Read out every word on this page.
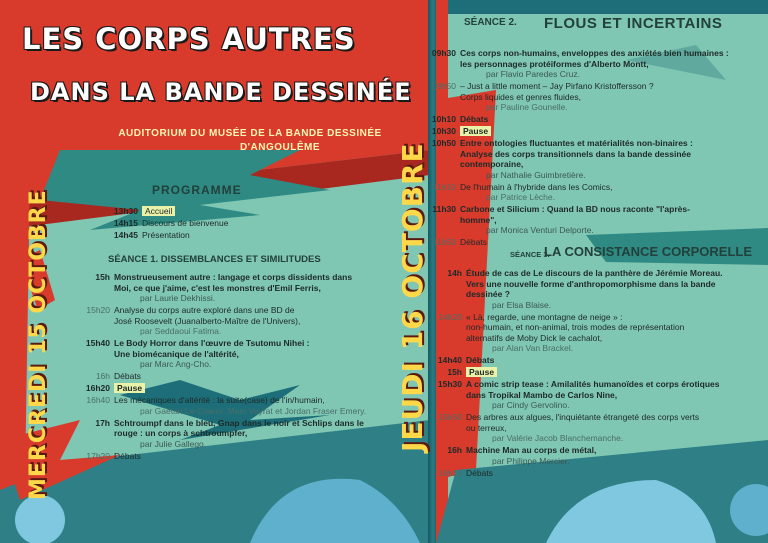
LES CORPS AUTRES
DANS LA BANDE DESSINÉE
AUDITORIUM DU MUSÉE DE LA BANDE DESSINÉE
D'ANGOULÊME
MERCREDI 15 OCTOBRE	PROGRAMME
13h30 Accueil
14h15 Discours de bienvenue
14h45 Présentation
SÉANCE 1. DISSEMBLANCES ET SIMILITUDES
15h Monstrueusement autre : langage et corps dissidents dans
Moi, ce que j'aime, c'est les monstres d'Emil Ferris,
par Laurie Dekhissi.
15h20 Analyse du corps autre exploré dans une BD de
José Roosevelt (Juanalberto-Maître de l'Univers),
par Seddaoui Fatima.
15h40 Le Body Horror dans l'œuvre de Tsutomu Nihei :
Une biomécanique de l'altérité,
par Marc Ang-Cho.
16h Débats
16h20 Pause
16h40 Les mécaniques d'altérité : la suite(case) de l'in/humain,
par Gaëtan Le-Coarer, Marc Veyrat et Jordan Fraser Emery.
17h Schtroumpf dans le bleu, Gnap dans le noir et Schlips dans le
rouge : un corps à schtroumpfer,
par Julie Gallego.
17h20 Débats
SÉANCE 2. FLOUS ET INCERTAINS
JEUDI 16 OCTOBRE
09h30 Ces corps non-humains, enveloppes des anxiétés bien humaines :
les personnages protéiformes d'Alberto Montt,
par Flavio Paredes Cruz.
09h50 – Just a little moment – Jay Pirfano Kristoffersson ?
Corps liquides et genres fluides,
par Pauline Gounelle.
10h10 Débats
10h30 Pause
10h50 Entre ontologies fluctuantes et matérialités non-binaires :
Analyse des corps transitionnels dans la bande dessinée
contemporaine,
par Nathalie Guimbretière.
11h10 De l'humain à l'hybride dans les Comics,
par Patrice Lèche.
11h30 Carbone et Silicium : Quand la BD nous raconte "l'après-
homme",
par Monica Venturi Delporte.
11h50 Débats
SÉANCE 3.
LA CONSISTANCE CORPORELLE
14h Étude de cas de Le discours de la panthère de Jérémie Moreau.
Vers une nouvelle forme d'anthropomorphisme dans la bande
dessinée ?
par Elsa Blaise.
14h20 « Là, regarde, une montagne de neige » :
non-humain, et non-animal, trois modes de représentation
alternatifs de Moby Dick le cachalot,
par Alan Van Brackel.
14h40 Débats
15h Pause
15h30 A comic strip tease : Amilalités humanoïdes et corps érotiques
dans Tropikal Mambo de Carlos Nine,
par Cindy Gervolino.
15h50 Des arbres aux algues, l'inquiétante étrangeté des corps verts
ou terreux,
par Valérie Jacob Blanchemanche.
16h Machine Man au corps de métal,
par Philippe Mercier.
16h10 Débats
